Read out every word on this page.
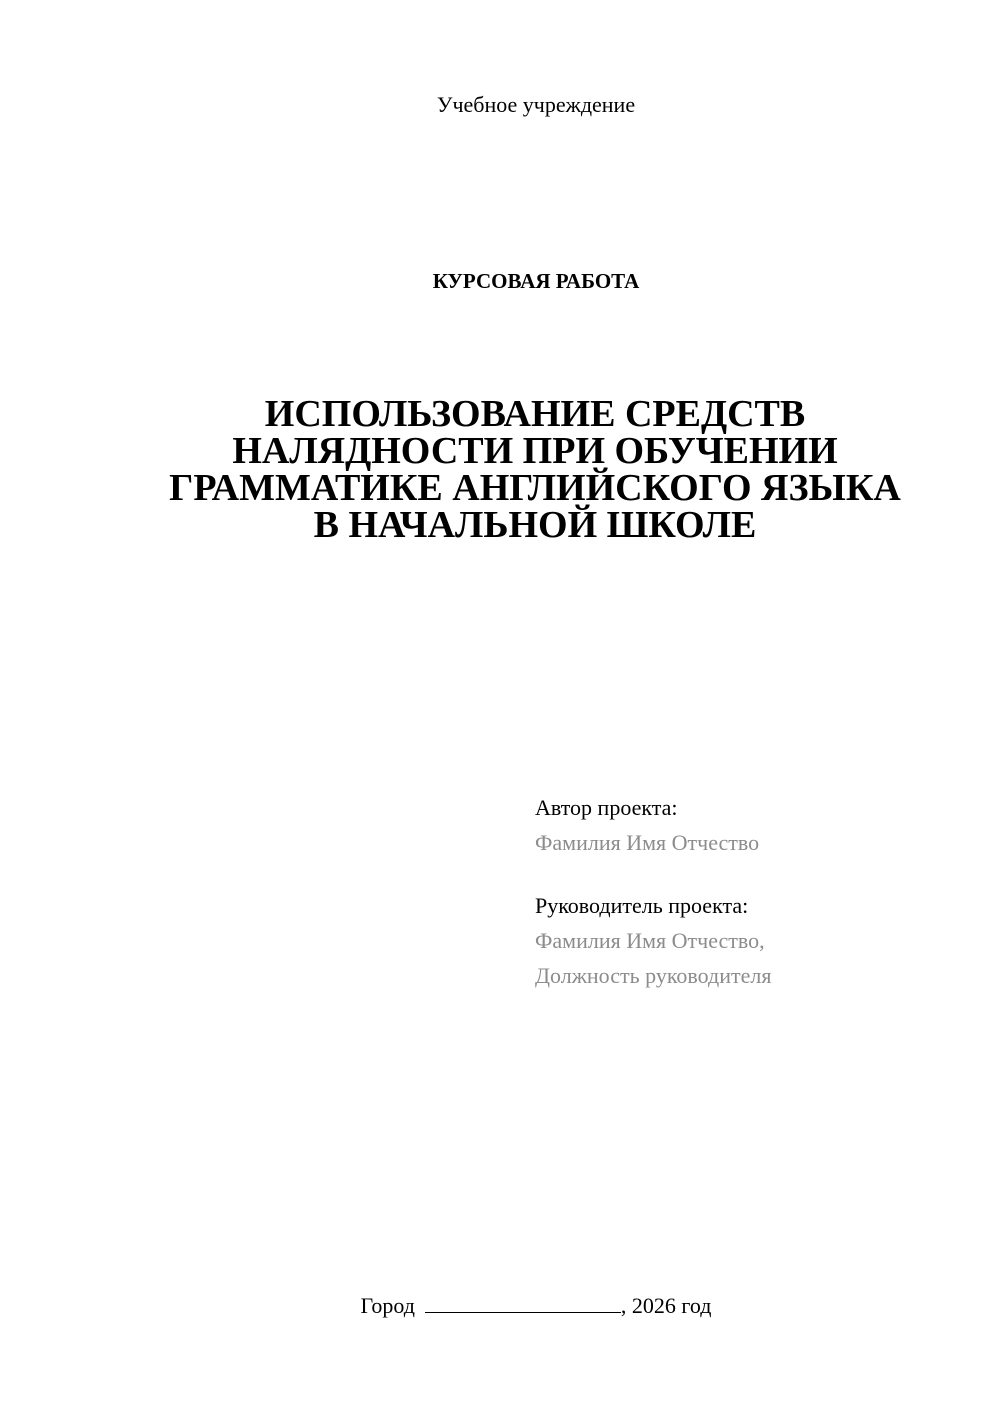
Учебное учреждение
КУРСОВАЯ РАБОТА
ИСПОЛЬЗОВАНИЕ СРЕДСТВ
НАЛЯДНОСТИ ПРИ ОБУЧЕНИИ
ГРАММАТИКЕ АНГЛИЙСКОГО ЯЗЫКА
В НАЧАЛЬНОЙ ШКОЛЕ
Автор проекта:
Фамилия Имя Отчество
Руководитель проекта:
Фамилия Имя Отчество,
Должность руководителя
Город	, 2026 год
